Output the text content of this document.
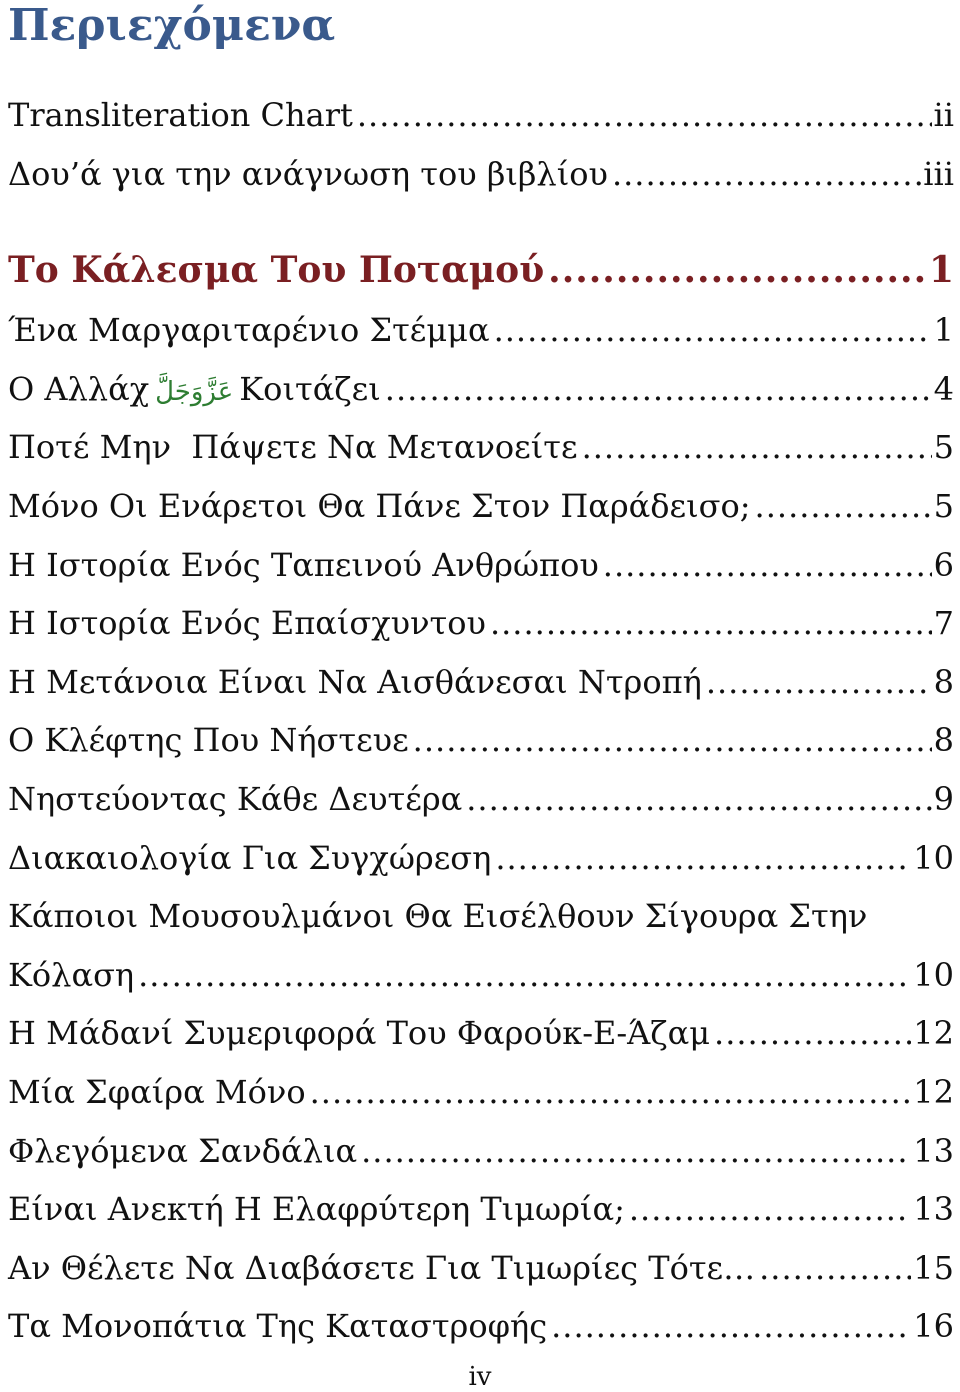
Περιεχόμενα
Transliteration Chart .....	ii
Δου’ά για την ανάγνωση του βιβλίου .....	iii
Το Κάλεσμα Του Ποταμού .....	1
Ένα Μαργαριταρένιο Στέμμα .....	1
Ο Αλλάχ عَزَّوَجَلَّ Κοιτάζει .....	4
Ποτέ Μην  Πάψετε Να Μετανοείτε .....	5
Μόνο Οι Ενάρετοι Θα Πάνε Στον Παράδεισο; .....	5
Η Ιστορία Ενός Ταπεινού Ανθρώπου .....	6
Η Ιστορία Ενός Επαίσχυντου .....	7
Η Μετάνοια Είναι Να Αισθάνεσαι Ντροπή .....	8
Ο Κλέφτης Που Νήστευε .....	8
Νηστεύοντας Κάθε Δευτέρα .....	9
Διακαιολογία Για Συγχώρεση .....	10
Κάποιοι Μουσουλμάνοι Θα Εισέλθουν Σίγουρα Στην
Κόλαση .....	10
Η Μάδανί Συμεριφορά Του Φαρούκ-Ε-Άζαμ .....	12
Μία Σφαίρα Μόνο .....	12
Φλεγόμενα Σανδάλια .....	13
Είναι Ανεκτή Η Ελαφρύτερη Τιμωρία; .....	13
Αν Θέλετε Να Διαβάσετε Για Τιμωρίες Τότε… .....	15
Τα Μονοπάτια Της Καταστροφής .....	16
iv
